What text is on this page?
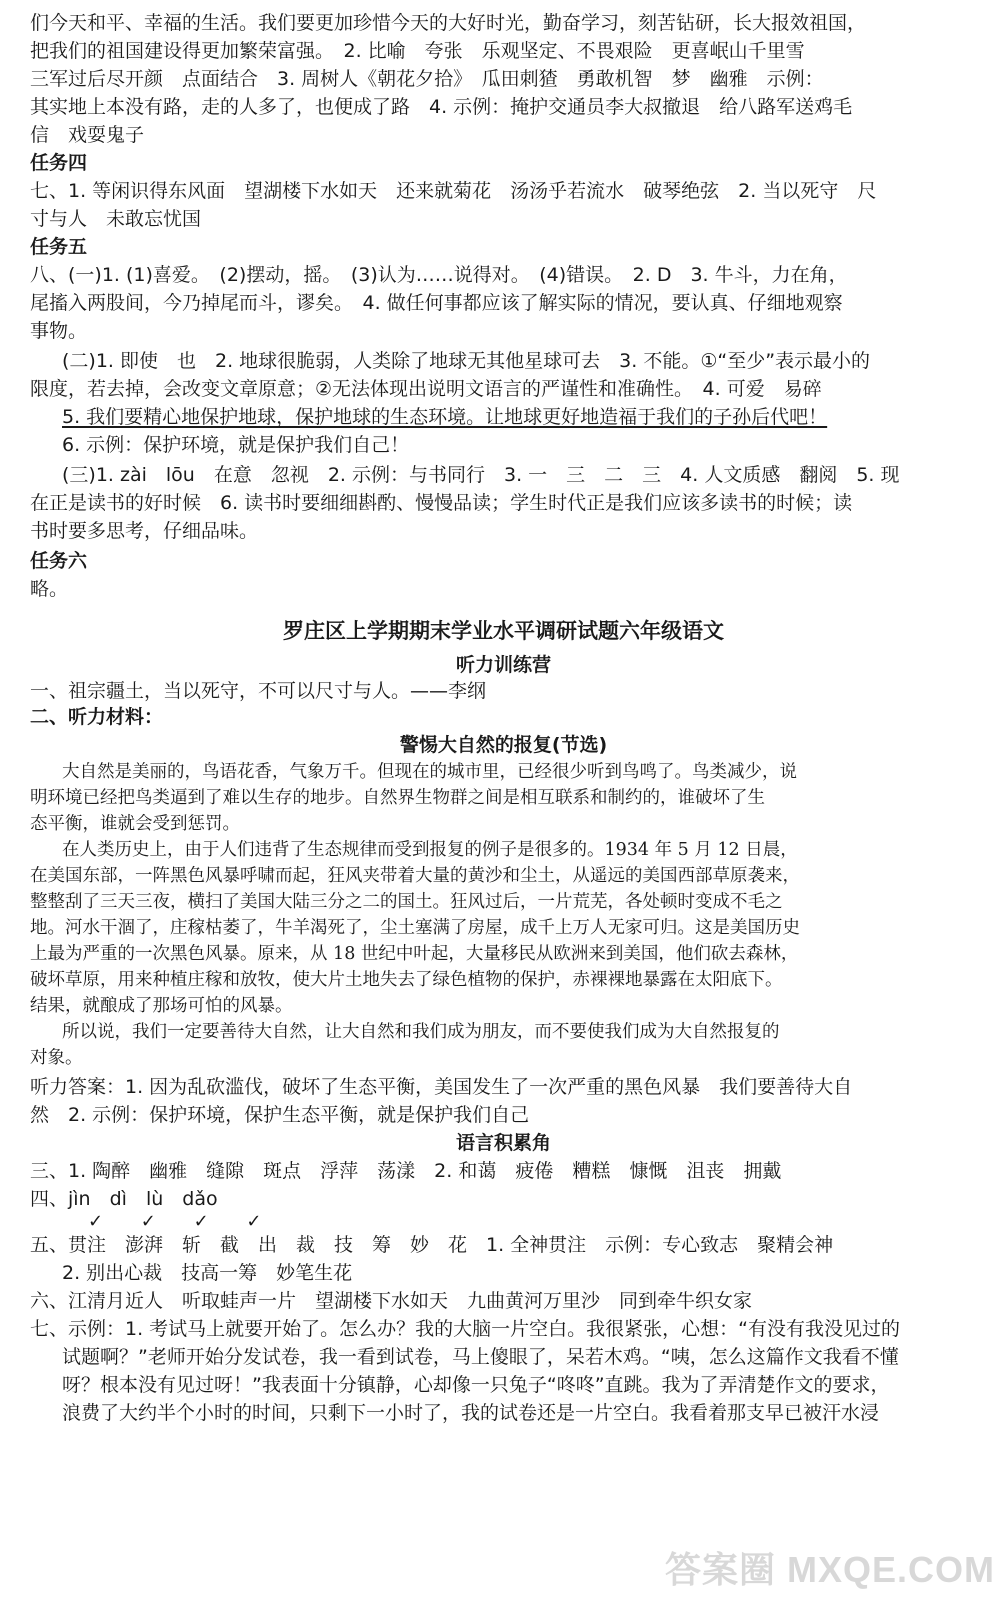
们今天和平、幸福的生活。我们要更加珍惜今天的大好时光，勤奋学习，刻苦钻研，长大报效祖国，
把我们的祖国建设得更加繁荣富强。　2. 比喻　夸张　乐观坚定、不畏艰险　更喜岷山千里雪
三军过后尽开颜　点面结合　3. 周树人《朝花夕拾》　瓜田刺猹　勇敢机智　梦　幽雅　示例：
其实地上本没有路，走的人多了，也便成了路　4. 示例：掩护交通员李大叔撤退　给八路军送鸡毛
信　戏耍鬼子
任务四
七、1. 等闲识得东风面　望湖楼下水如天　还来就菊花　汤汤乎若流水　破琴绝弦　2. 当以死守　尺
寸与人　未敢忘忧国
任务五
八、(一)1. (1)喜爱。　(2)摆动，摇。　(3)认为……说得对。　(4)错误。　2. D　3. 牛斗，力在角，
尾搐入两股间，今乃掉尾而斗，谬矣。　4. 做任何事都应该了解实际的情况，要认真、仔细地观察
事物。
(二)1. 即使　也　2. 地球很脆弱，人类除了地球无其他星球可去　3. 不能。①“至少”表示最小的
限度，若去掉，会改变文章原意；②无法体现出说明文语言的严谨性和准确性。　4. 可爱　易碎
5. 我们要精心地保护地球，保护地球的生态环境。让地球更好地造福于我们的子孙后代吧！
6. 示例：保护环境，就是保护我们自己！
(三)1. zài　lōu　在意　忽视　2. 示例：与书同行　3. 一　三　二　三　4. 人文质感　翻阅　5. 现
在正是读书的好时候　6. 读书时要细细斟酌、慢慢品读；学生时代正是我们应该多读书的时候；读
书时要多思考，仔细品味。
任务六
略。
罗庄区上学期期末学业水平调研试题六年级语文
听力训练营
一、祖宗疆土，当以死守，不可以尺寸与人。——李纲
二、听力材料：
警惕大自然的报复(节选)
大自然是美丽的，鸟语花香，气象万千。但现在的城市里，已经很少听到鸟鸣了。鸟类减少，说
明环境已经把鸟类逼到了难以生存的地步。自然界生物群之间是相互联系和制约的，谁破坏了生
态平衡，谁就会受到惩罚。
在人类历史上，由于人们违背了生态规律而受到报复的例子是很多的。1934 年 5 月 12 日晨，
在美国东部，一阵黑色风暴呼啸而起，狂风夹带着大量的黄沙和尘土，从遥远的美国西部草原袭来，
整整刮了三天三夜，横扫了美国大陆三分之二的国土。狂风过后，一片荒芜，各处顿时变成不毛之
地。河水干涸了，庄稼枯萎了，牛羊渴死了，尘土塞满了房屋，成千上万人无家可归。这是美国历史
上最为严重的一次黑色风暴。原来，从 18 世纪中叶起，大量移民从欧洲来到美国，他们砍去森林，
破坏草原，用来种植庄稼和放牧，使大片土地失去了绿色植物的保护，赤裸裸地暴露在太阳底下。
结果，就酿成了那场可怕的风暴。
所以说，我们一定要善待大自然，让大自然和我们成为朋友，而不要使我们成为大自然报复的
对象。
听力答案：1. 因为乱砍滥伐，破坏了生态平衡，美国发生了一次严重的黑色风暴　我们要善待大自
然　2. 示例：保护环境，保护生态平衡，就是保护我们自己
语言积累角
三、1. 陶醉　幽雅　缝隙　斑点　浮萍　荡漾　2. 和蔼　疲倦　糟糕　慷慨　沮丧　拥戴
四、jìn　dì　lù　dǎo
✓ ✓ ✓ ✓
五、贯注　澎湃　斩　截　出　裁　技　筹　妙　花　1. 全神贯注　示例：专心致志　聚精会神
2. 别出心裁　技高一筹　妙笔生花
六、江清月近人　听取蛙声一片　望湖楼下水如天　九曲黄河万里沙　同到牵牛织女家
七、示例：1. 考试马上就要开始了。怎么办？我的大脑一片空白。我很紧张，心想：“有没有我没见过的
试题啊？”老师开始分发试卷，我一看到试卷，马上傻眼了，呆若木鸡。“咦，怎么这篇作文我看不懂
呀？根本没有见过呀！”我表面十分镇静，心却像一只兔子“咚咚”直跳。我为了弄清楚作文的要求，
浪费了大约半个小时的时间，只剩下一小时了，我的试卷还是一片空白。我看着那支早已被汗水浸
答案圈 MXQE.COM
